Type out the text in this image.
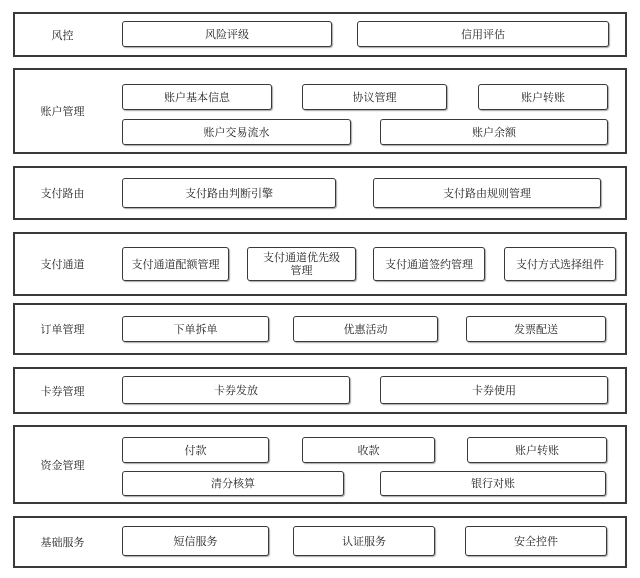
风控	风险评级	信用评估
账户管理
账户基本信息	协议管理	账户转账
账户交易流水	账户余额
支付路由	支付路由判断引擎	支付路由规则管理
支付通道	支付通道配额管理	支付通道优先级管理	支付通道签约管理	支付方式选择组件
订单管理	下单拆单	优惠活动	发票配送
卡券管理	卡券发放	卡券使用
资金管理
付款	收款	账户转账
清分核算	银行对账
基础服务	短信服务	认证服务	安全控件
